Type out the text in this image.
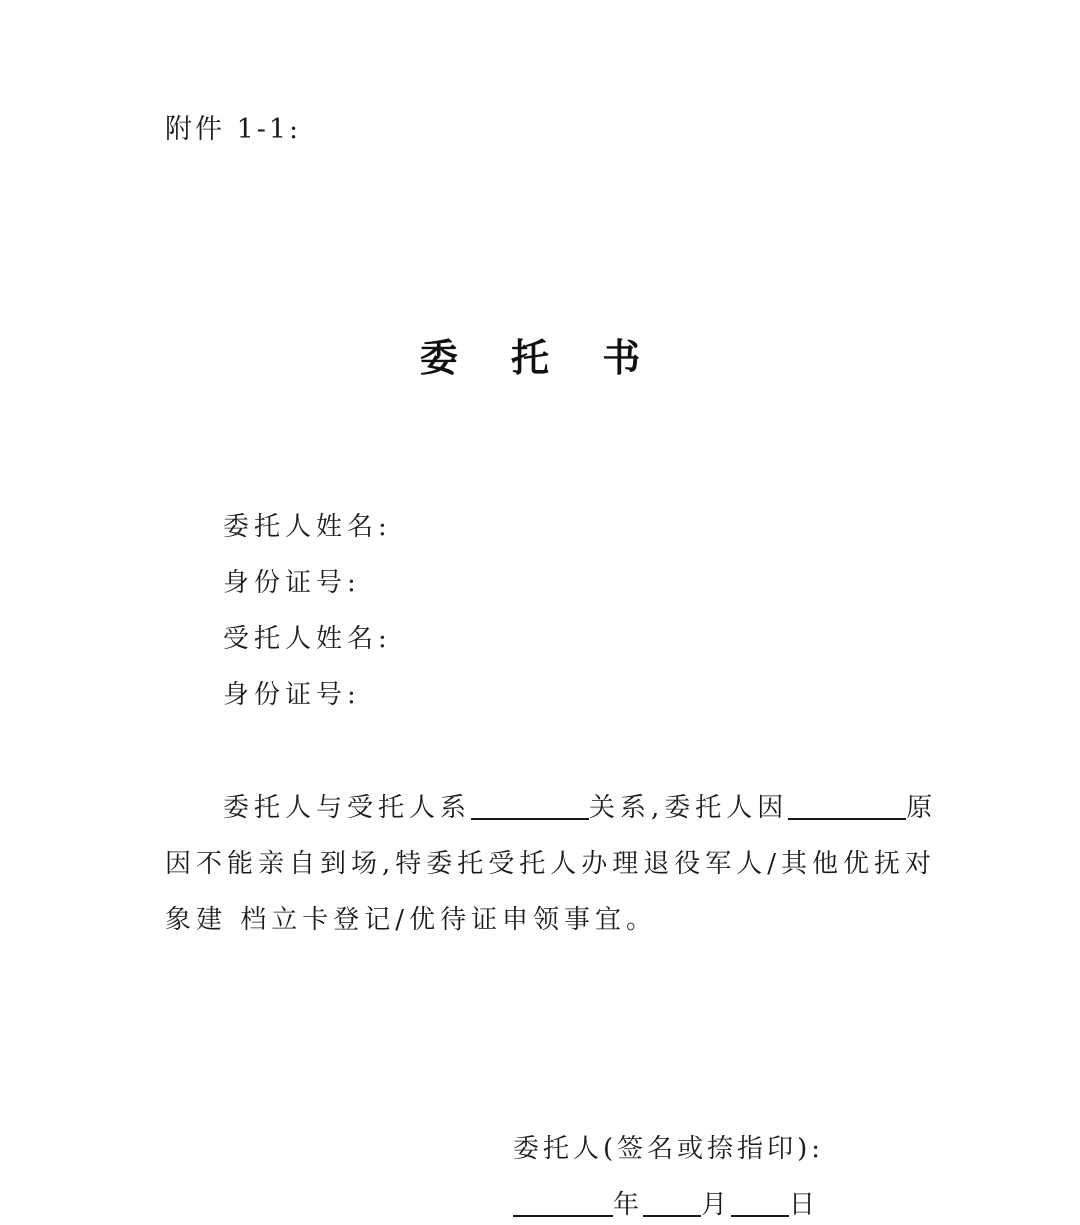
附件 1-1:
委 托 书
委托人姓名:
身份证号:
受托人姓名:
身份证号:

委托人与受托人系	关系,委托人因	原

因不能亲自到场,特委托受托人办理退役军人/其他优抚对

象建 档立卡登记/优待证申领事宜。

委托人(签名或捺指印):
年 月 日
